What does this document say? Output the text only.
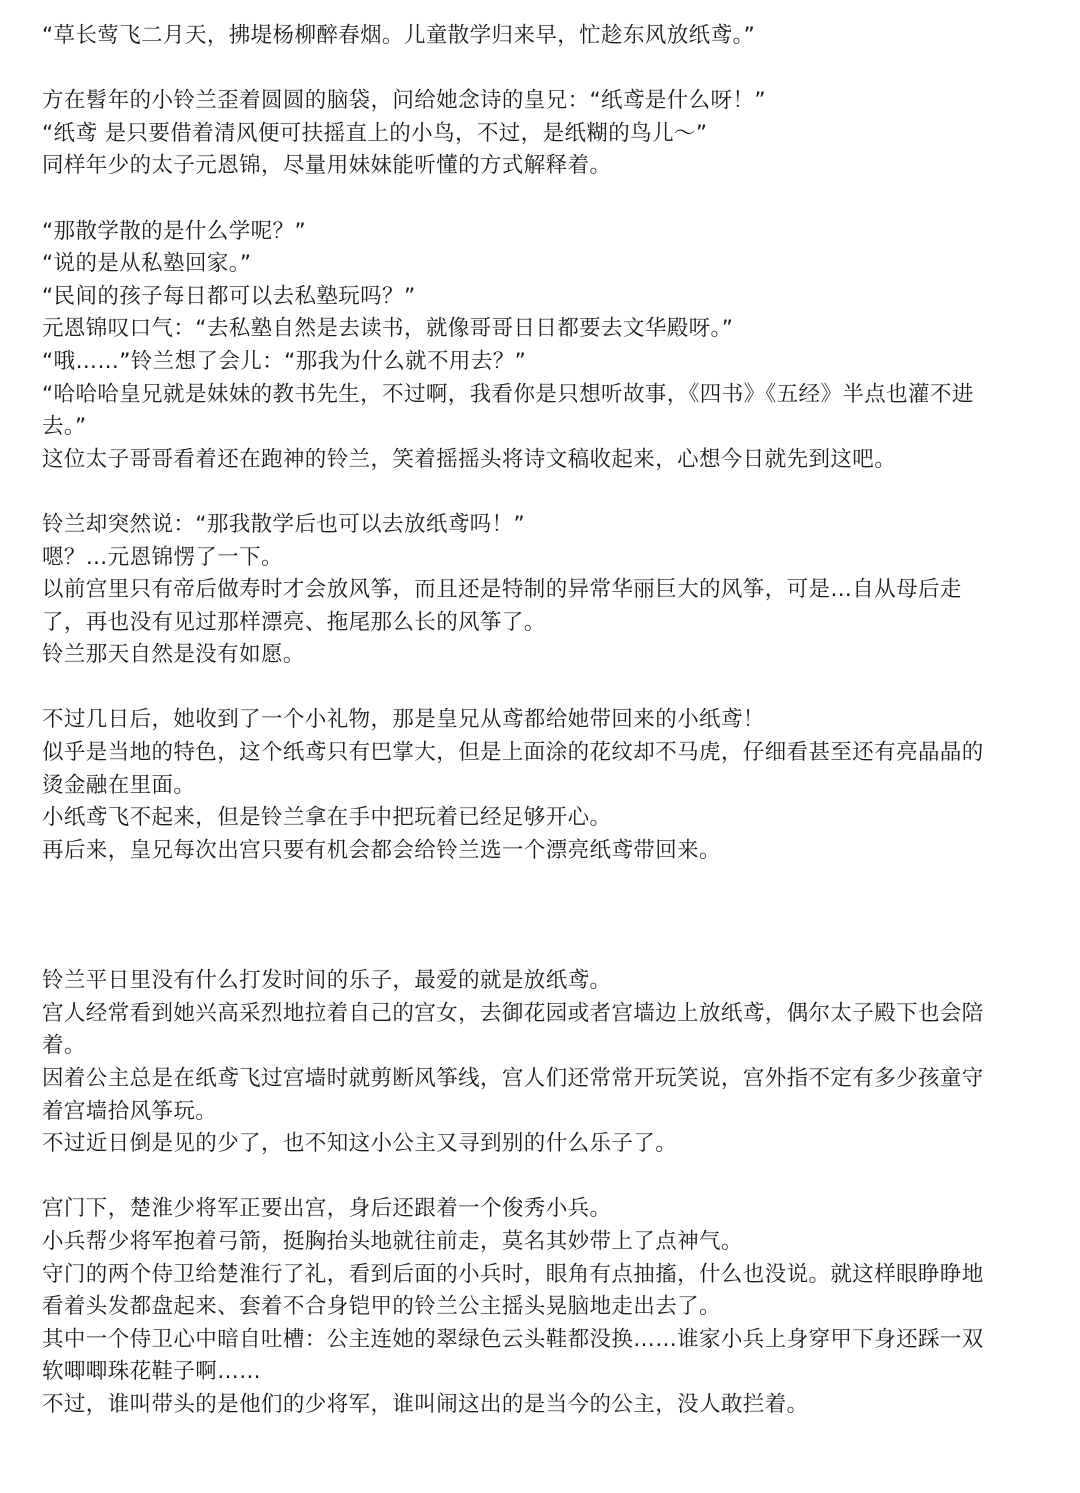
“草长莺飞二月天，拂堤杨柳醉春烟。儿童散学归来早，忙趁东风放纸鸢。”
方在髫年的小铃兰歪着圆圆的脑袋，问给她念诗的皇兄：“纸鸢是什么呀！”
“纸鸢 是只要借着清风便可扶摇直上的小鸟，不过，是纸糊的鸟儿～”
同样年少的太子元恩锦，尽量用妹妹能听懂的方式解释着。
“那散学散的是什么学呢？”
“说的是从私塾回家。”
“民间的孩子每日都可以去私塾玩吗？”
元恩锦叹口气：“去私塾自然是去读书，就像哥哥日日都要去文华殿呀。”
“哦……”铃兰想了会儿：“那我为什么就不用去？”
“哈哈哈皇兄就是妹妹的教书先生，不过啊，我看你是只想听故事，《四书》《五经》半点也灌不进
去。”
这位太子哥哥看着还在跑神的铃兰，笑着摇摇头将诗文稿收起来，心想今日就先到这吧。
铃兰却突然说：“那我散学后也可以去放纸鸢吗！”
嗯？…元恩锦愣了一下。
以前宫里只有帝后做寿时才会放风筝，而且还是特制的异常华丽巨大的风筝，可是…自从母后走
了，再也没有见过那样漂亮、拖尾那么长的风筝了。
铃兰那天自然是没有如愿。
不过几日后，她收到了一个小礼物，那是皇兄从鸢都给她带回来的小纸鸢！
似乎是当地的特色，这个纸鸢只有巴掌大，但是上面涂的花纹却不马虎，仔细看甚至还有亮晶晶的
烫金融在里面。
小纸鸢飞不起来，但是铃兰拿在手中把玩着已经足够开心。
再后来，皇兄每次出宫只要有机会都会给铃兰选一个漂亮纸鸢带回来。
铃兰平日里没有什么打发时间的乐子，最爱的就是放纸鸢。
宫人经常看到她兴高采烈地拉着自己的宫女，去御花园或者宫墙边上放纸鸢，偶尔太子殿下也会陪
着。
因着公主总是在纸鸢飞过宫墙时就剪断风筝线，宫人们还常常开玩笑说，宫外指不定有多少孩童守
着宫墙拾风筝玩。
不过近日倒是见的少了，也不知这小公主又寻到别的什么乐子了。
宫门下，楚淮少将军正要出宫，身后还跟着一个俊秀小兵。
小兵帮少将军抱着弓箭，挺胸抬头地就往前走，莫名其妙带上了点神气。
守门的两个侍卫给楚淮行了礼，看到后面的小兵时，眼角有点抽搐，什么也没说。就这样眼睁睁地
看着头发都盘起来、套着不合身铠甲的铃兰公主摇头晃脑地走出去了。
其中一个侍卫心中暗自吐槽：公主连她的翠绿色云头鞋都没换……谁家小兵上身穿甲下身还踩一双
软唧唧珠花鞋子啊……
不过，谁叫带头的是他们的少将军，谁叫闹这出的是当今的公主，没人敢拦着。
